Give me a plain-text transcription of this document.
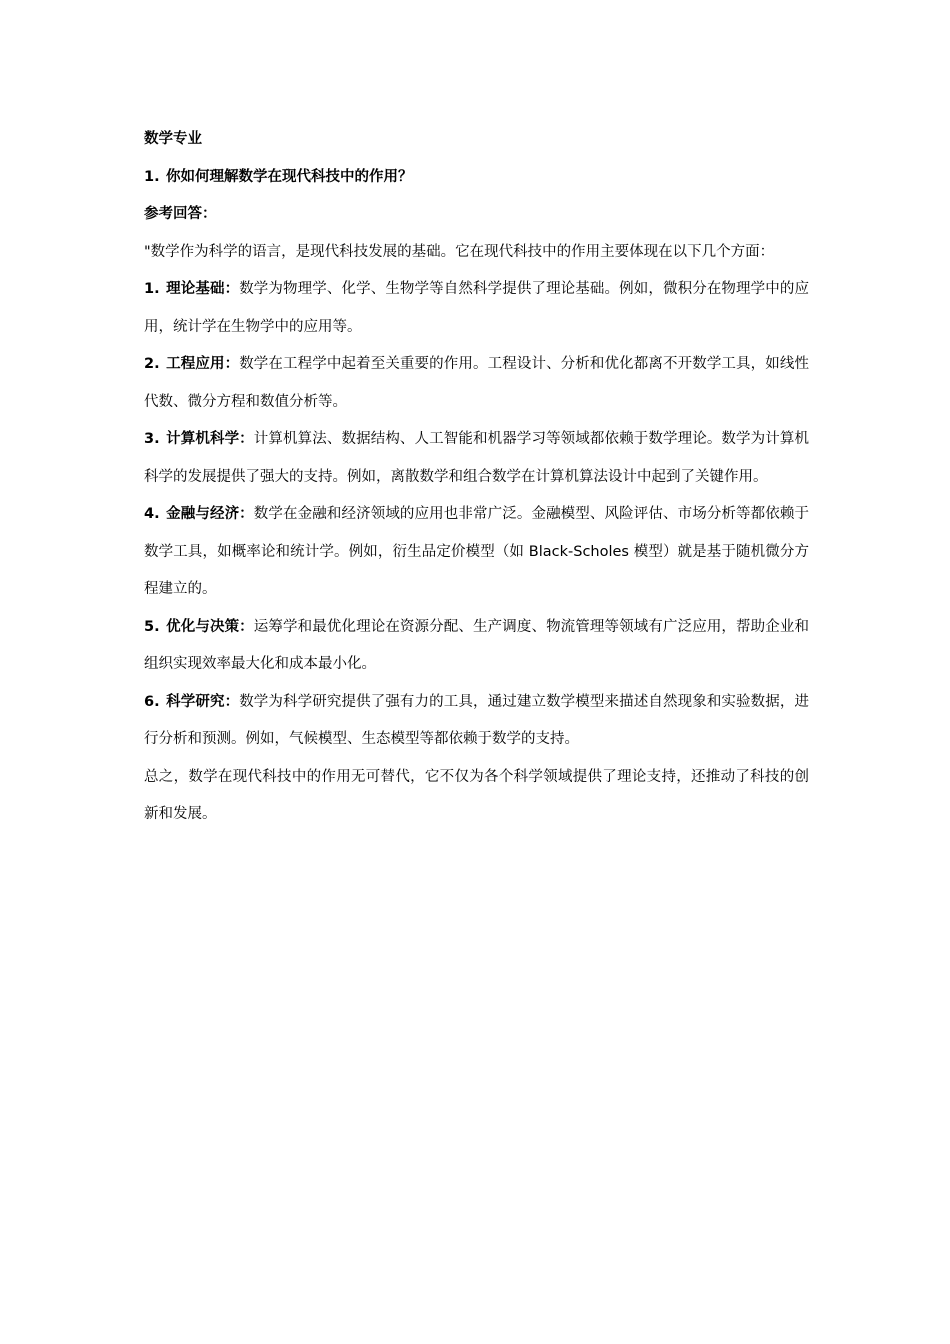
数学专业

1. 你如何理解数学在现代科技中的作用？

参考回答：

"数学作为科学的语言，是现代科技发展的基础。它在现代科技中的作用主要体现在以下几个方面：

1. 理论基础：数学为物理学、化学、生物学等自然科学提供了理论基础。例如，微积分在物理学中的应用，统计学在生物学中的应用等。

2. 工程应用：数学在工程学中起着至关重要的作用。工程设计、分析和优化都离不开数学工具，如线性代数、微分方程和数值分析等。

3. 计算机科学：计算机算法、数据结构、人工智能和机器学习等领域都依赖于数学理论。数学为计算机科学的发展提供了强大的支持。例如，离散数学和组合数学在计算机算法设计中起到了关键作用。

4. 金融与经济：数学在金融和经济领域的应用也非常广泛。金融模型、风险评估、市场分析等都依赖于数学工具，如概率论和统计学。例如，衍生品定价模型（如 Black-Scholes 模型）就是基于随机微分方程建立的。

5. 优化与决策：运筹学和最优化理论在资源分配、生产调度、物流管理等领域有广泛应用，帮助企业和组织实现效率最大化和成本最小化。

6. 科学研究：数学为科学研究提供了强有力的工具，通过建立数学模型来描述自然现象和实验数据，进行分析和预测。例如，气候模型、生态模型等都依赖于数学的支持。

总之，数学在现代科技中的作用无可替代，它不仅为各个科学领域提供了理论支持，还推动了科技的创新和发展。
